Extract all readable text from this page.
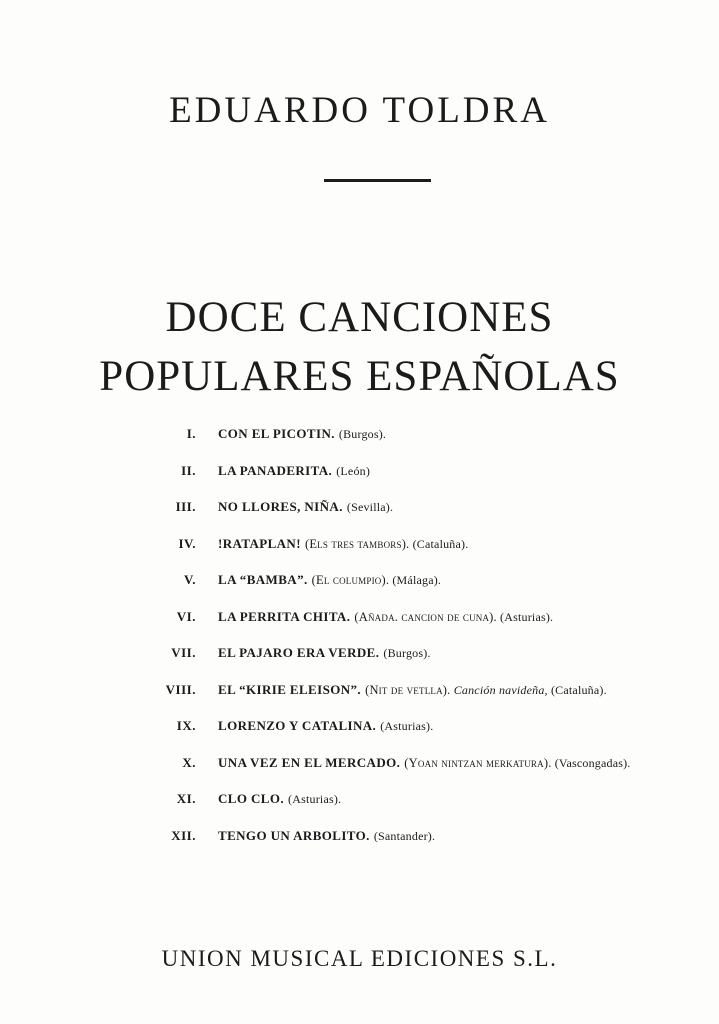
EDUARDO TOLDRA
DOCE CANCIONES
POPULARES ESPAÑOLAS
I. CON EL PICOTIN. (Burgos).
II. LA PANADERITA. (León)
III. NO LLORES, NIÑA. (Sevilla).
IV. !RATAPLAN! (Els tres tambors). (Cataluña).
V. LA “BAMBA”. (El columpio). (Málaga).
VI. LA PERRITA CHITA. (Añada. cancion de cuna). (Asturias).
VII. EL PAJARO ERA VERDE. (Burgos).
VIII. EL “KIRIE ELEISON”. (Nit de vetlla). Canción navideña, (Cataluña).
IX. LORENZO Y CATALINA. (Asturias).
X. UNA VEZ EN EL MERCADO. (Yoan nintzan merkatura). (Vascongadas).
XI. CLO CLO. (Asturias).
XII. TENGO UN ARBOLITO. (Santander).
UNION MUSICAL EDICIONES S.L.
